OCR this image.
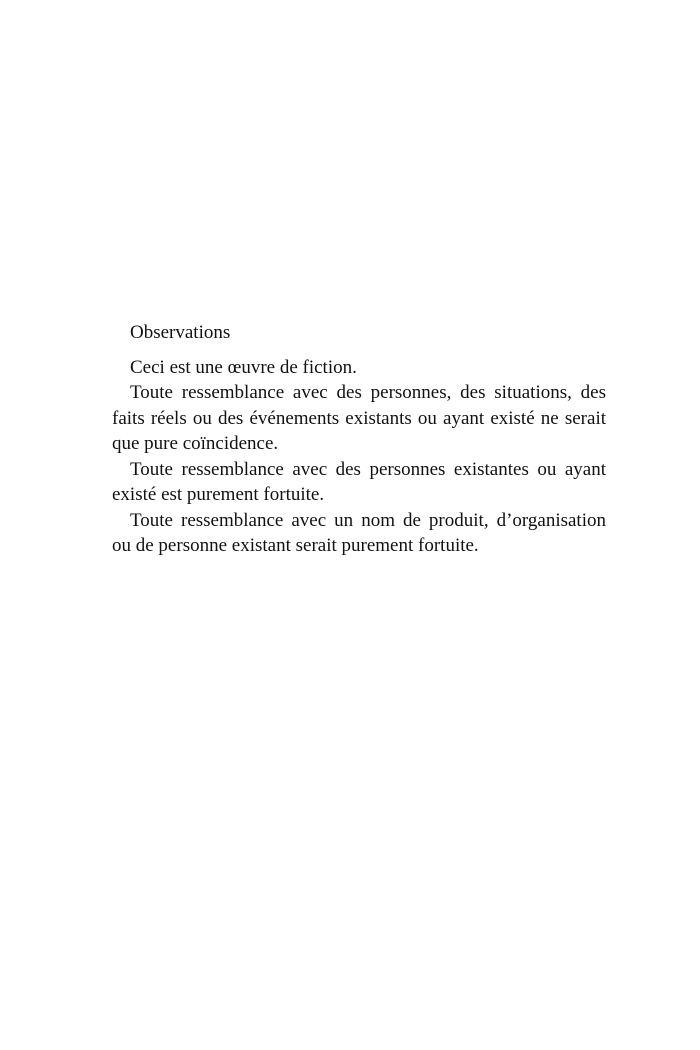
Observations

Ceci est une œuvre de fiction.

Toute ressemblance avec des personnes, des situations, des faits réels ou des événements existants ou ayant existé ne serait que pure coïncidence.

Toute ressemblance avec des personnes existantes ou ayant existé est purement fortuite.

Toute ressemblance avec un nom de produit, d’organisation ou de personne existant serait purement fortuite.
